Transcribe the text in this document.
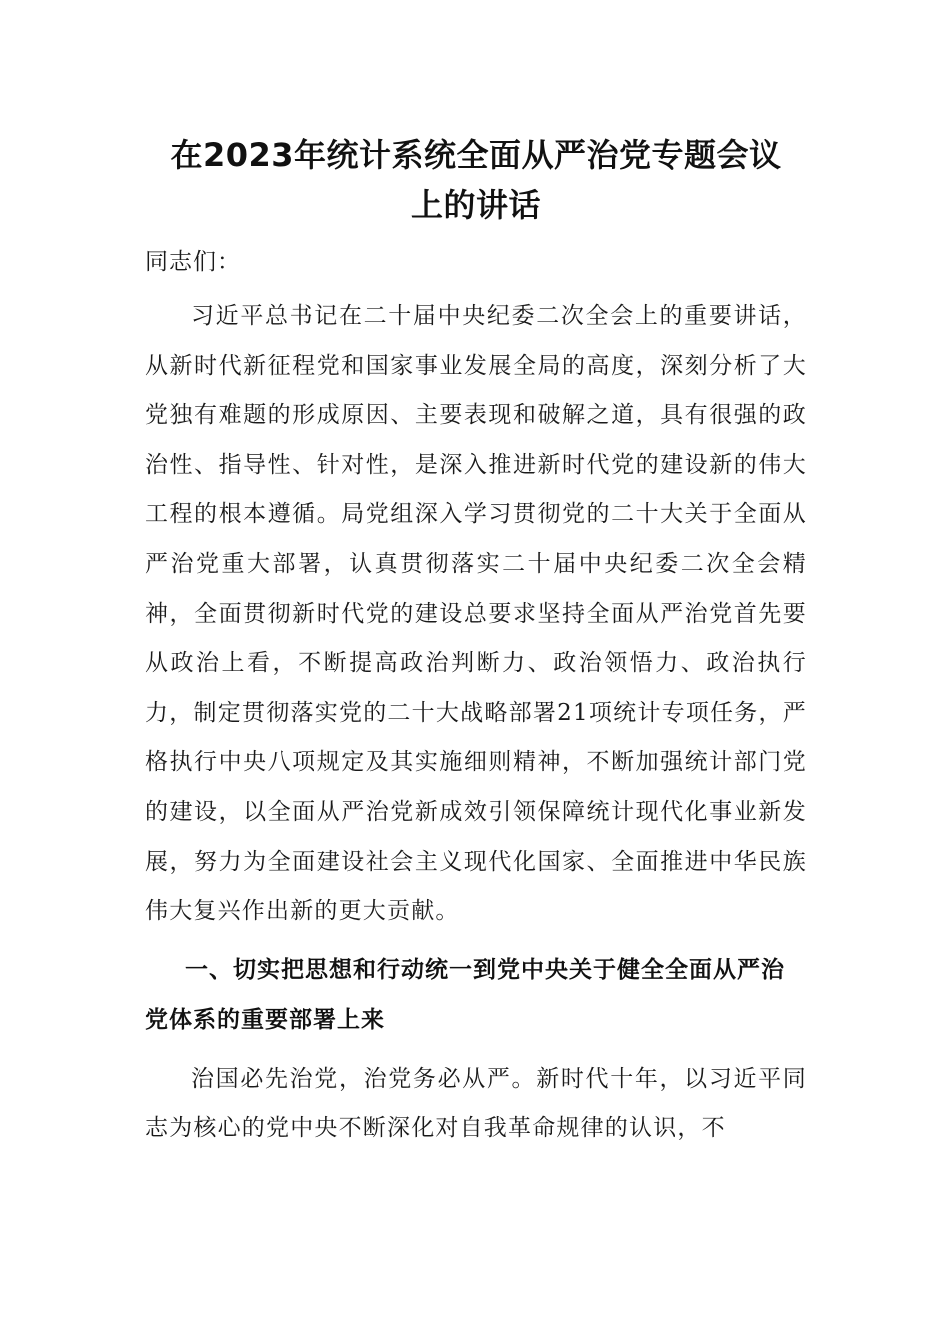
在2023年统计系统全面从严治党专题会议
上的讲话

同志们：

习近平总书记在二十届中央纪委二次全会上的重要讲话，从新时代新征程党和国家事业发展全局的高度，深刻分析了大党独有难题的形成原因、主要表现和破解之道，具有很强的政治性、指导性、针对性，是深入推进新时代党的建设新的伟大工程的根本遵循。局党组深入学习贯彻党的二十大关于全面从严治党重大部署，认真贯彻落实二十届中央纪委二次全会精神，全面贯彻新时代党的建设总要求坚持全面从严治党首先要从政治上看，不断提高政治判断力、政治领悟力、政治执行力，制定贯彻落实党的二十大战略部署21项统计专项任务，严格执行中央八项规定及其实施细则精神，不断加强统计部门党的建设，以全面从严治党新成效引领保障统计现代化事业新发展，努力为全面建设社会主义现代化国家、全面推进中华民族伟大复兴作出新的更大贡献。

一、切实把思想和行动统一到党中央关于健全全面从严治党体系的重要部署上来

治国必先治党，治党务必从严。新时代十年，以习近平同志为核心的党中央不断深化对自我革命规律的认识，不
